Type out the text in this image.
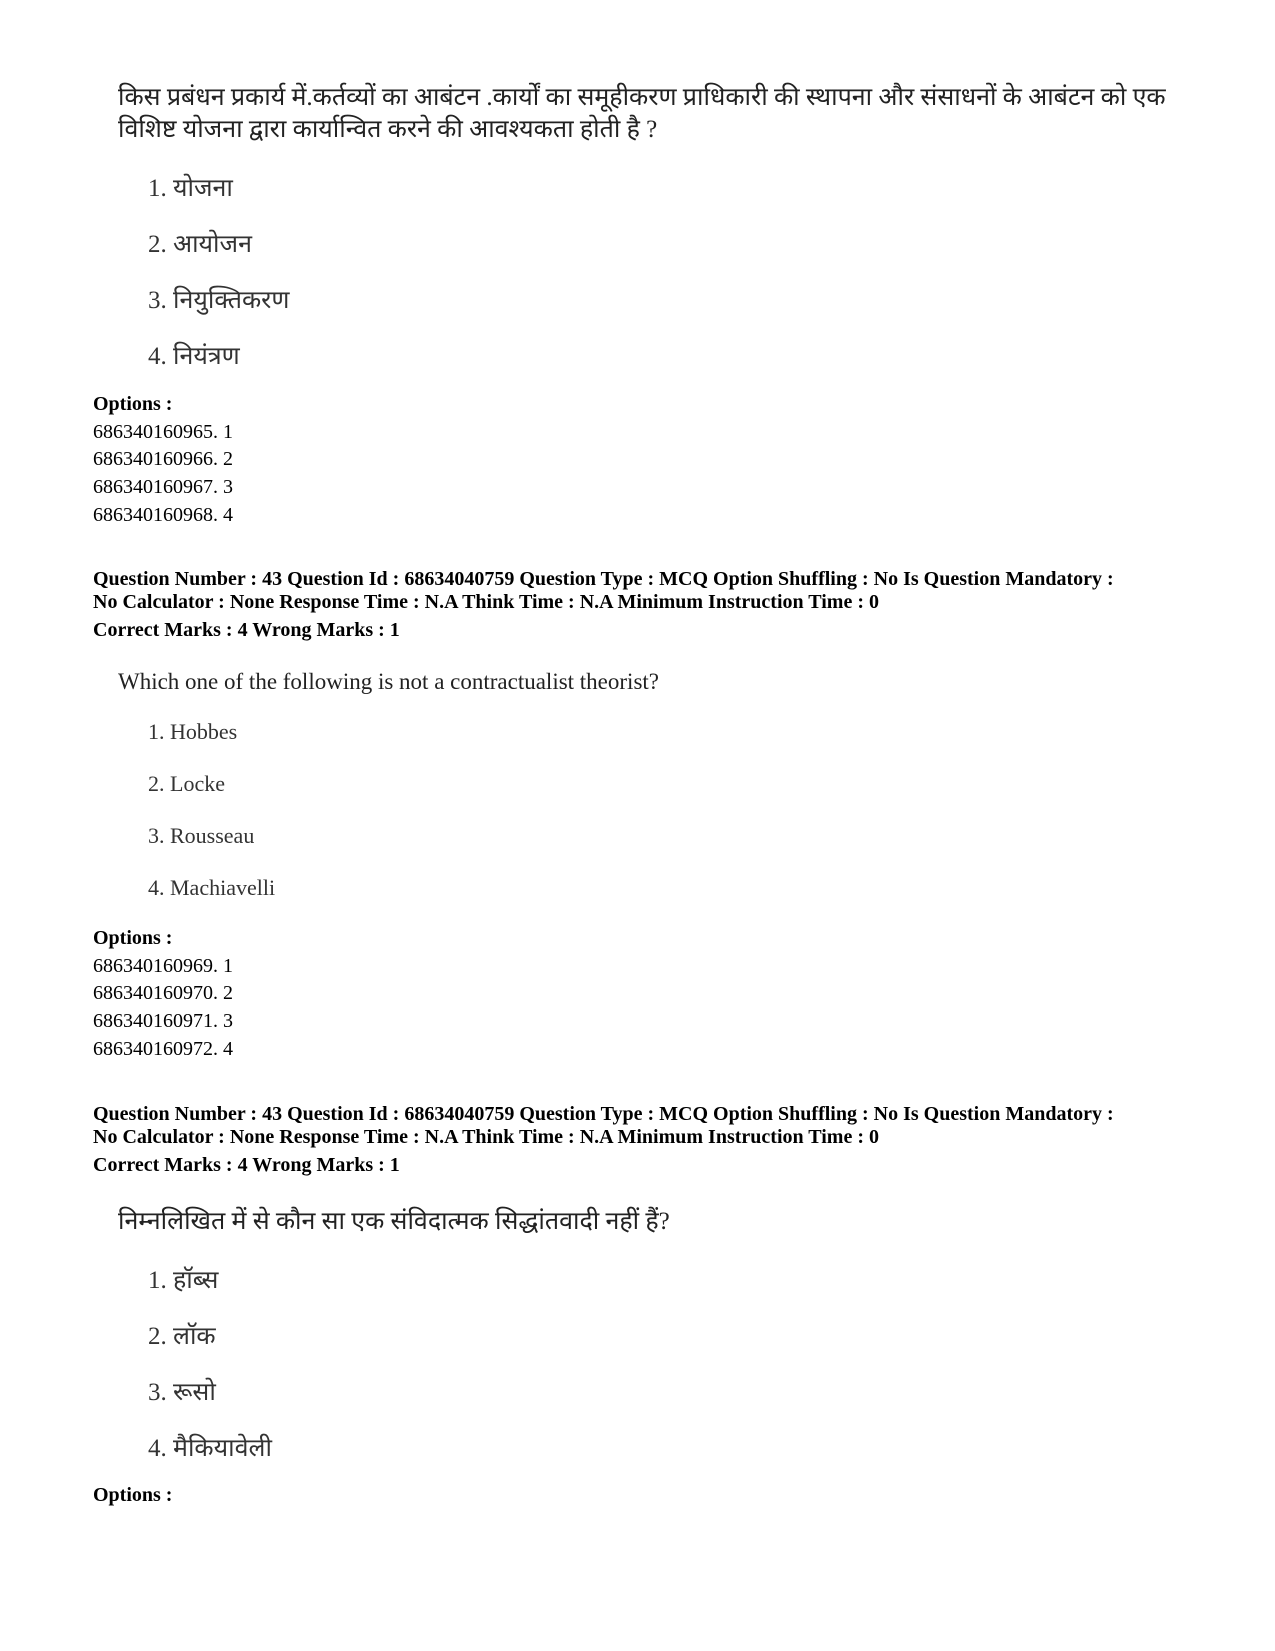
किस प्रबंधन प्रकार्य में.कर्तव्यों का आबंटन .कार्यों का समूहीकरण प्राधिकारी की स्थापना और संसाधनों के आबंटन को एक विशिष्ट योजना द्वारा कार्यान्वित करने की आवश्यकता होती है ?
1. योजना
2. आयोजन
3. नियुक्तिकरण
4. नियंत्रण
Options :
686340160965. 1
686340160966. 2
686340160967. 3
686340160968. 4
Question Number : 43 Question Id : 68634040759 Question Type : MCQ Option Shuffling : No Is Question Mandatory :
No Calculator : None Response Time : N.A Think Time : N.A Minimum Instruction Time : 0
Correct Marks : 4 Wrong Marks : 1
Which one of the following is not a contractualist theorist?
1. Hobbes
2. Locke
3. Rousseau
4. Machiavelli
Options :
686340160969. 1
686340160970. 2
686340160971. 3
686340160972. 4
Question Number : 43 Question Id : 68634040759 Question Type : MCQ Option Shuffling : No Is Question Mandatory :
No Calculator : None Response Time : N.A Think Time : N.A Minimum Instruction Time : 0
Correct Marks : 4 Wrong Marks : 1
निम्नलिखित में से कौन सा एक संविदात्मक सिद्धांतवादी नहीं हैं?
1. हॉब्स
2. लॉक
3. रूसो
4. मैकियावेली
Options :
